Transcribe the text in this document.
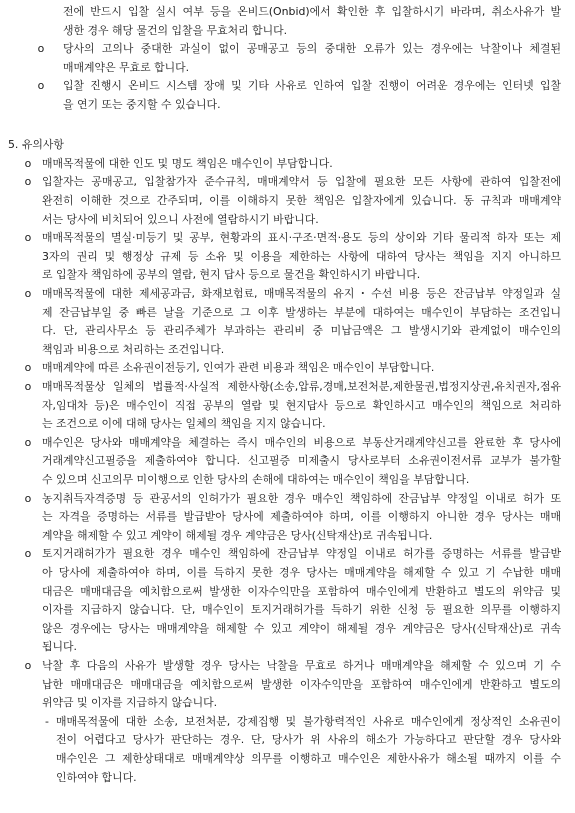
전에 반드시 입찰 실시 여부 등을 온비드(Onbid)에서 확인한 후 입찰하시기 바라며, 취소사유가 발
생한 경우 해당 물건의 입찰을 무효처리 합니다.
o 당사의 고의나 중대한 과실이 없이 공매공고 등의 중대한 오류가 있는 경우에는 낙찰이나 체결된
매매계약은 무효로 합니다.
o 입찰 진행시 온비드 시스템 장애 및 기타 사유로 인하여 입찰 진행이 어려운 경우에는 인터넷 입찰
을 연기 또는 중지할 수 있습니다.
5. 유의사항
o 매매목적물에 대한 인도 및 명도 책임은 매수인이 부담합니다.
o 입찰자는 공매공고, 입찰참가자 준수규칙, 매매계약서 등 입찰에 필요한 모든 사항에 관하여 입찰전에
완전히 이해한 것으로 간주되며, 이를 이해하지 못한 책임은 입찰자에게 있습니다. 동 규칙과 매매계약
서는 당사에 비치되어 있으니 사전에 열람하시기 바랍니다.
o 매매목적물의 멸실·미등기 및 공부, 현황과의 표시·구조·면적·용도 등의 상이와 기타 물리적 하자 또는 제
3자의 권리 및 행정상 규제 등 소유 및 이용을 제한하는 사항에 대하여 당사는 책임을 지지 아니하므
로 입찰자 책임하에 공부의 열람, 현지 답사 등으로 물건을 확인하시기 바랍니다.
o 매매목적물에 대한 제세공과금, 화재보험료, 매매목적물의 유지・수선 비용 등은 잔금납부 약정일과 실
제 잔금납부일 중 빠른 날을 기준으로 그 이후 발생하는 부분에 대하여는 매수인이 부담하는 조건입니
다. 단, 관리사무소 등 관리주체가 부과하는 관리비 중 미납금액은 그 발생시기와 관계없이 매수인의
책임과 비용으로 처리하는 조건입니다.
o 매매계약에 따른 소유권이전등기, 인여가 관련 비용과 책임은 매수인이 부담합니다.
o 매매목적물상 일체의 법률적·사실적 제한사항(소송,압류,경매,보전처분,제한물권,법정지상권,유치권자,점유
자,임대차 등)은 매수인이 직접 공부의 열람 및 현지답사 등으로 확인하시고 매수인의 책임으로 처리하
는 조건으로 이에 대해 당사는 일체의 책임을 지지 않습니다.
o 매수인은 당사와 매매계약을 체결하는 즉시 매수인의 비용으로 부동산거래계약신고를 완료한 후 당사에
거래계약신고필증을 제출하여야 합니다. 신고필증 미제출시 당사로부터 소유권이전서류 교부가 불가할
수 있으며 신고의무 미이행으로 인한 당사의 손해에 대하여는 매수인이 책임을 부담합니다.
o 농지취득자격증명 등 관공서의 인허가가 필요한 경우 매수인 책임하에 잔금납부 약정일 이내로 허가 또
는 자격을 증명하는 서류를 발급받아 당사에 제출하여야 하며, 이를 이행하지 아니한 경우 당사는 매매
계약을 해제할 수 있고 계약이 해제될 경우 계약금은 당사(신탁재산)로 귀속됩니다.
o 토지거래허가가 필요한 경우 매수인 책임하에 잔금납부 약정일 이내로 허가를 증명하는 서류를 발급받
아 당사에 제출하여야 하며, 이를 득하지 못한 경우 당사는 매매계약을 해제할 수 있고 기 수납한 매매
대금은 매매대금을 예치함으로써 발생한 이자수익만을 포함하여 매수인에게 반환하고 별도의 위약금 및
이자를 지급하지 않습니다. 단, 매수인이 토지거래허가를 득하기 위한 신청 등 필요한 의무를 이행하지
않은 경우에는 당사는 매매계약을 해제할 수 있고 계약이 해제될 경우 계약금은 당사(신탁재산)로 귀속
됩니다.
o 낙찰 후 다음의 사유가 발생할 경우 당사는 낙찰을 무효로 하거나 매매계약을 해제할 수 있으며 기 수
납한 매매대금은 매매대금을 예치함으로써 발생한 이자수익만을 포함하여 매수인에게 반환하고 별도의
위약금 및 이자를 지급하지 않습니다.
- 매매목적물에 대한 소송, 보전처분, 강제집행 및 불가항력적인 사유로 매수인에게 정상적인 소유권이
전이 어렵다고 당사가 판단하는 경우. 단, 당사가 위 사유의 해소가 가능하다고 판단할 경우 당사와
매수인은 그 제한상태대로 매매계약상 의무를 이행하고 매수인은 제한사유가 해소될 때까지 이를 수
인하여야 합니다.
